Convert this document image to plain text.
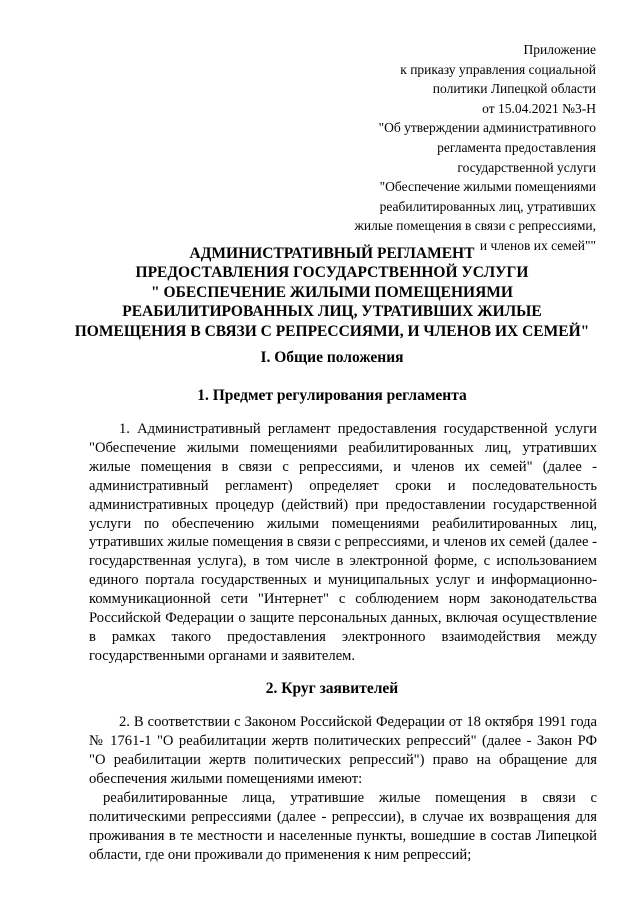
Приложение
к приказу управления социальной
политики Липецкой области
от 15.04.2021 №3-Н
"Об утверждении административного
регламента предоставления
государственной услуги
"Обеспечение жилыми помещениями
реабилитированных лиц, утративших
жилые помещения в связи с репрессиями,
и членов их семей""
АДМИНИСТРАТИВНЫЙ РЕГЛАМЕНТ
ПРЕДОСТАВЛЕНИЯ ГОСУДАРСТВЕННОЙ УСЛУГИ
" ОБЕСПЕЧЕНИЕ ЖИЛЫМИ ПОМЕЩЕНИЯМИ
РЕАБИЛИТИРОВАННЫХ ЛИЦ, УТРАТИВШИХ ЖИЛЫЕ
ПОМЕЩЕНИЯ В СВЯЗИ С РЕПРЕССИЯМИ, И ЧЛЕНОВ ИХ СЕМЕЙ"
I. Общие положения
1. Предмет регулирования регламента

1. Административный регламент предоставления государственной услуги "Обеспечение жилыми помещениями реабилитированных лиц, утративших жилые помещения в связи с репрессиями, и членов их семей" (далее - административный регламент) определяет сроки и последовательность административных процедур (действий) при предоставлении государственной услуги по обеспечению жилыми помещениями реабилитированных лиц, утративших жилые помещения в связи с репрессиями, и членов их семей (далее - государственная услуга), в том числе в электронной форме, с использованием единого портала государственных и муниципальных услуг и информационно-коммуникационной сети "Интернет" с соблюдением норм законодательства Российской Федерации о защите персональных данных, включая осуществление в рамках такого предоставления электронного взаимодействия между государственными органами и заявителем.

2. Круг заявителей

2. В соответствии с Законом Российской Федерации от 18 октября 1991 года № 1761-1 "О реабилитации жертв политических репрессий" (далее - Закон РФ "О реабилитации жертв политических репрессий") право на обращение для обеспечения жилыми помещениями имеют:

реабилитированные лица, утратившие жилые помещения в связи с политическими репрессиями (далее - репрессии), в случае их возвращения для проживания в те местности и населенные пункты, вошедшие в состав Липецкой области, где они проживали до применения к ним репрессий;
